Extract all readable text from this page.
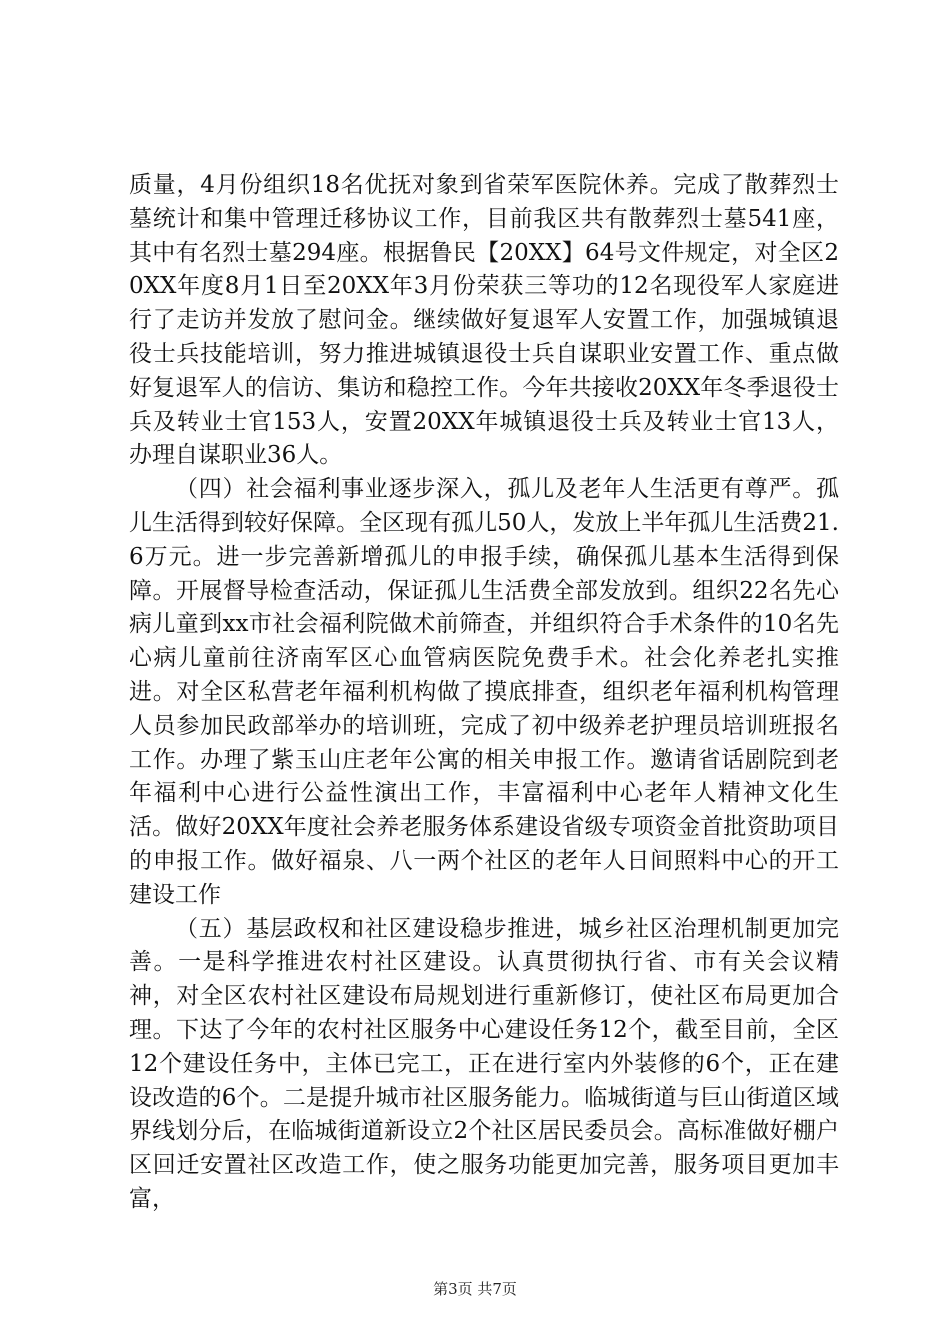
质量，4月份组织18名优抚对象到省荣军医院休养。完成了散葬烈士墓统计和集中管理迁移协议工作，目前我区共有散葬烈士墓541座，其中有名烈士墓294座。根据鲁民【20XX】64号文件规定，对全区20XX年度8月1日至20XX年3月份荣获三等功的12名现役军人家庭进行了走访并发放了慰问金。继续做好复退军人安置工作，加强城镇退役士兵技能培训，努力推进城镇退役士兵自谋职业安置工作、重点做好复退军人的信访、集访和稳控工作。今年共接收20XX年冬季退役士兵及转业士官153人，安置20XX年城镇退役士兵及转业士官13人，办理自谋职业36人。

（四）社会福利事业逐步深入，孤儿及老年人生活更有尊严。孤儿生活得到较好保障。全区现有孤儿50人，发放上半年孤儿生活费21.6万元。进一步完善新增孤儿的申报手续，确保孤儿基本生活得到保障。开展督导检查活动，保证孤儿生活费全部发放到。组织22名先心病儿童到xx市社会福利院做术前筛查，并组织符合手术条件的10名先心病儿童前往济南军区心血管病医院免费手术。社会化养老扎实推进。对全区私营老年福利机构做了摸底排查，组织老年福利机构管理人员参加民政部举办的培训班，完成了初中级养老护理员培训班报名工作。办理了紫玉山庄老年公寓的相关申报工作。邀请省话剧院到老年福利中心进行公益性演出工作，丰富福利中心老年人精神文化生活。做好20XX年度社会养老服务体系建设省级专项资金首批资助项目的申报工作。做好福泉、八一两个社区的老年人日间照料中心的开工建设工作

（五）基层政权和社区建设稳步推进，城乡社区治理机制更加完善。一是科学推进农村社区建设。认真贯彻执行省、市有关会议精神，对全区农村社区建设布局规划进行重新修订，使社区布局更加合理。下达了今年的农村社区服务中心建设任务12个，截至目前，全区12个建设任务中，主体已完工，正在进行室内外装修的6个，正在建设改造的6个。二是提升城市社区服务能力。临城街道与巨山街道区域界线划分后，在临城街道新设立2个社区居民委员会。高标准做好棚户区回迁安置社区改造工作，使之服务功能更加完善，服务项目更加丰富，

第3页 共7页
